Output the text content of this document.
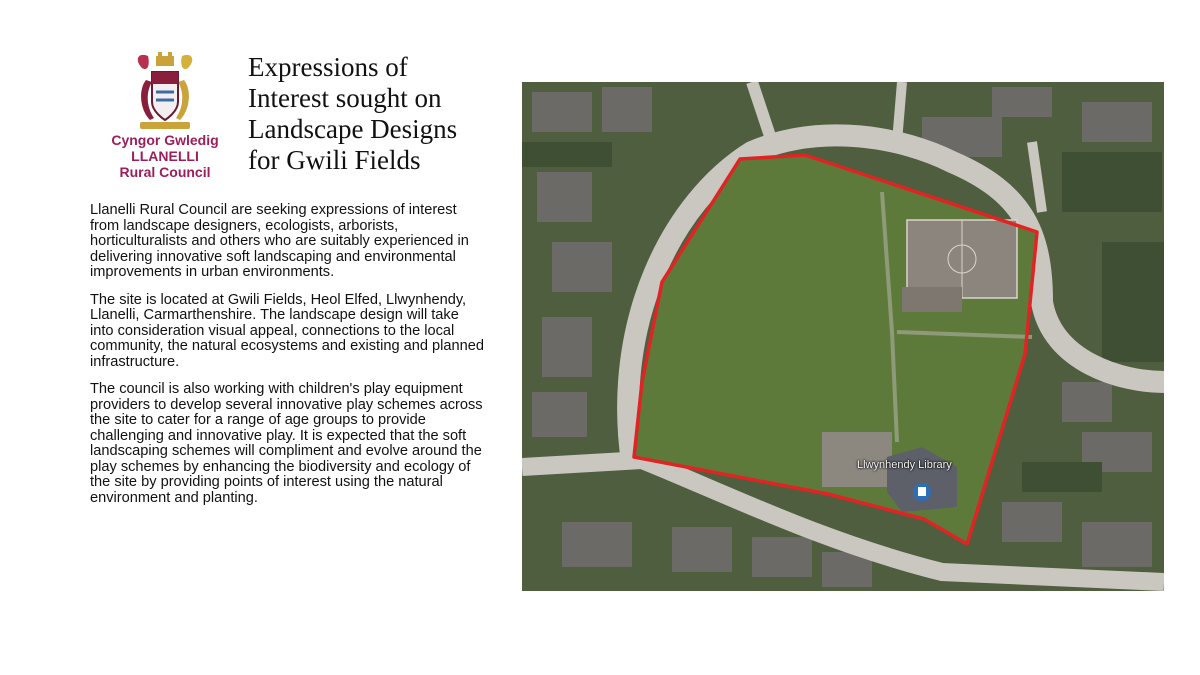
Cyngor Gwledig
LLANELLI
Rural Council
Expressions of
Interest sought on
Landscape Designs
for Gwili Fields

Llanelli Rural Council are seeking expressions of interest from landscape designers, ecologists, arborists, horticulturalists and others who are suitably experienced in delivering innovative soft landscaping and environmental improvements in urban environments.

The site is located at Gwili Fields, Heol Elfed, Llwynhendy, Llanelli, Carmarthenshire. The landscape design will take into consideration visual appeal, connections to the local community, the natural ecosystems and existing and planned infrastructure.

The council is also working with children's play equipment providers to develop several innovative play schemes across the site to cater for a range of age groups to provide challenging and innovative play. It is expected that the soft landscaping schemes will compliment and evolve around the play schemes by enhancing the biodiversity and ecology of the site by providing points of interest using the natural environment and planting.

Llwynhendy Library
